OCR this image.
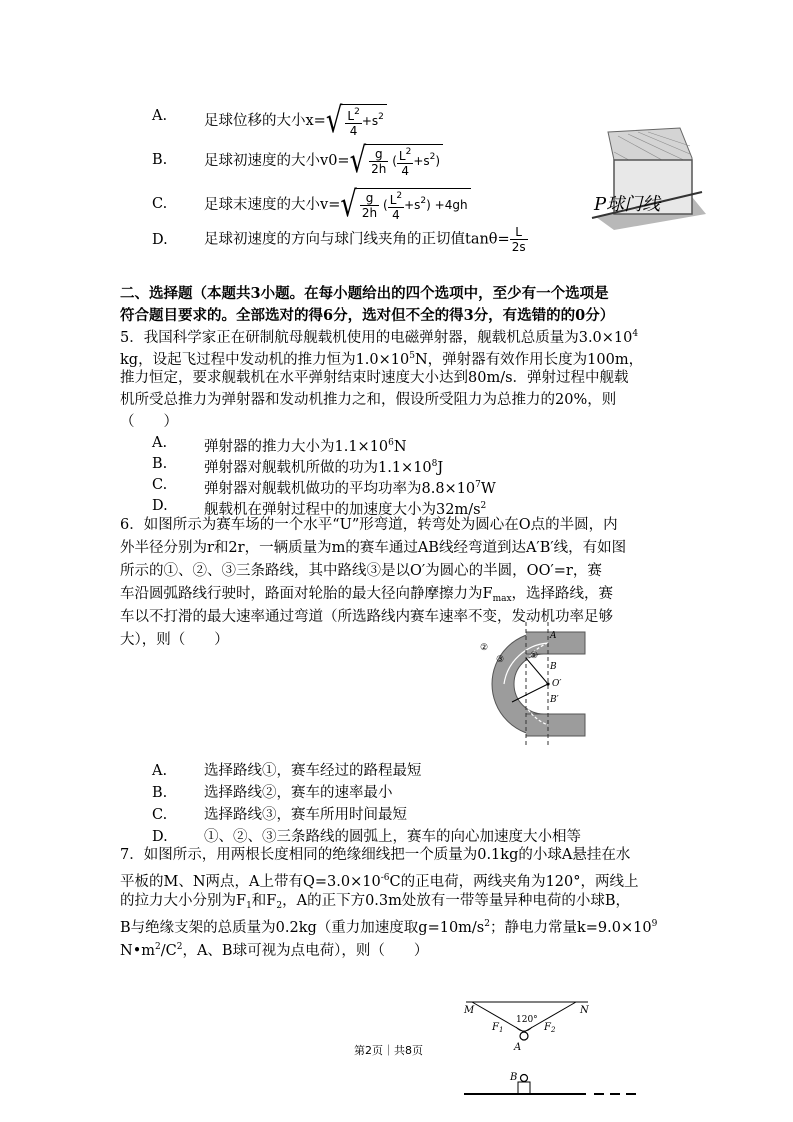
A.	足球位移的大小$x=√ \frac{L^2}{4} +s^2$
B.	足球初速度的大小$v0=√ \frac{g}{2h}$ ( $\frac{L^2}{4} +s^2$)
C.	足球末速度的大小$v=√ \frac{g}{2h}$ ( $\frac{L^2}{4} +s^2) +4gh$
D.	足球初速度的方向与球门线夹角的正切值$\tan\theta= \frac{L}{2s}$
P球门线
二、选择题（本题共3小题。在每小题给出的四个选项中，至少有一个选项是
符合题目要求的。全部选对的得6分，选对但不全的得3分，有选错的的0分）
5．我国科学家正在研制航母舰载机使用的电磁弹射器，舰载机总质量为$3.0\times 10^4$
kg，设起飞过程中发动机的推力恒为$1.0\times 10^5N$，弹射器有效作用长度为100m，
推力恒定，要求舰载机在水平弹射结束时速度大小达到80m/s．弹射过程中舰载
机所受总推力为弹射器和发动机推力之和，假设所受阻力为总推力的20%，则
（　　）
A.	弹射器的推力大小为$1.1\times 10^6N$
B.	弹射器对舰载机所做的功为$1.1\times 10^8J$
C.	弹射器对舰载机做功的平均功率为$8.8\times 10^7W$
D.	舰载机在弹射过程中的加速度大小为$32m/s^2$
6．如图所示为赛车场的一个水平“U”形弯道，转弯处为圆心在O点的半圆，内
外半径分别为r和2r，一辆质量为m的赛车通过AB线经弯道到达A′B′线，有如图
所示的①、②、③三条路线，其中路线③是以O′为圆心的半圆，OO′=r，赛
车沿圆弧路线行驶时，路面对轮胎的最大径向静摩擦力为$F_{max}$，选择路线，赛
车以不打滑的最大速率通过弯道（所选路线内赛车速率不变，发动机功率足够
大），则（　　）	A
B
O′
B′
①
②
③
A.	选择路线①，赛车经过的路程最短
B.	选择路线②，赛车的速率最小
C.	选择路线③，赛车所用时间最短
D.	①、②、③三条路线的圆弧上，赛车的向心加速度大小相等
7．如图所示，用两根长度相同的绝缘细线把一个质量为0.1kg的小球A悬挂在水
平板的M、N两点，A上带有$Q=3.0\times 10^{-6}C$的正电荷，两线夹角为120°，两线上
的拉力大小分别为$F_1$和$F_2$，A的正下方0.3m处放有一带等量异种电荷的小球B，
B与绝缘支架的总质量为0.2kg（重力加速度取$g=10m/s^2$；静电力常量$k=9.0\times 10^9$
$N•m^2/C^2$，A、B球可视为点电荷），则（　　）
M	N
120°
$F_1$	$F_2$
A
B
第2页｜共8页
